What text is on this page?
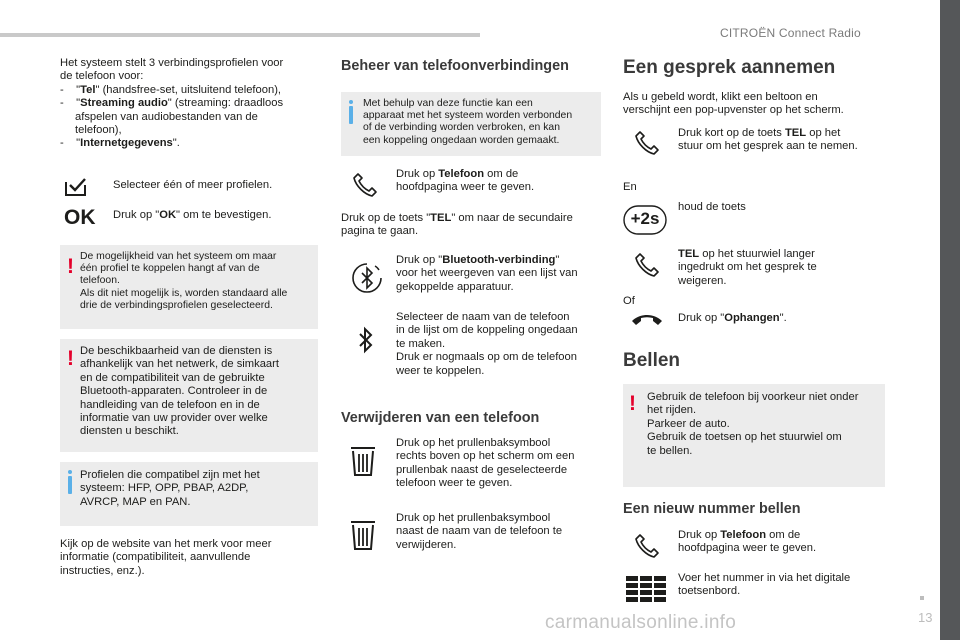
CITROËN Connect Radio
13
carmanualsonline.info
Het systeem stelt 3 verbindingsprofielen voor
de telefoon voor:
-    "Tel" (handsfree-set, uitsluitend telefoon),
-    "Streaming audio" (streaming: draadloos
afspelen van audiobestanden van de
telefoon),
-    "Internetgegevens".
Selecteer één of meer profielen.
OK Druk op "OK" om te bevestigen.
! De mogelijkheid van het systeem om maar
één profiel te koppelen hangt af van de
telefoon.
Als dit niet mogelijk is, worden standaard alle
drie de verbindingsprofielen geselecteerd.
! De beschikbaarheid van de diensten is
afhankelijk van het netwerk, de simkaart
en de compatibiliteit van de gebruikte
Bluetooth-apparaten. Controleer in de
handleiding van de telefoon en in de
informatie van uw provider over welke
diensten u beschikt.
Profielen die compatibel zijn met het
systeem: HFP, OPP, PBAP, A2DP,
AVRCP, MAP en PAN.
Kijk op de website van het merk voor meer
informatie (compatibiliteit, aanvullende
instructies, enz.).
Beheer van telefoonverbindingen
Met behulp van deze functie kan een
apparaat met het systeem worden verbonden
of de verbinding worden verbroken, en kan
een koppeling ongedaan worden gemaakt.
Druk op Telefoon om de
hoofdpagina weer te geven.
Druk op de toets "TEL" om naar de secundaire
pagina te gaan.
Druk op "Bluetooth-verbinding"
voor het weergeven van een lijst van
gekoppelde apparatuur.
Selecteer de naam van de telefoon
in de lijst om de koppeling ongedaan
te maken.
Druk er nogmaals op om de telefoon
weer te koppelen.
Verwijderen van een telefoon
Druk op het prullenbaksymbool
rechts boven op het scherm om een
prullenbak naast de geselecteerde
telefoon weer te geven.
Druk op het prullenbaksymbool
naast de naam van de telefoon te
verwijderen.
Een gesprek aannemen
Als u gebeld wordt, klikt een beltoon en
verschijnt een pop-upvenster op het scherm.
Druk kort op de toets TEL op het
stuur om het gesprek aan te nemen.
En
+2s
houd de toets
TEL op het stuurwiel langer
ingedrukt om het gesprek te
weigeren.
Of
Druk op "Ophangen".
Bellen
! Gebruik de telefoon bij voorkeur niet onder
het rijden.
Parkeer de auto.
Gebruik de toetsen op het stuurwiel om
te bellen.
Een nieuw nummer bellen
Druk op Telefoon om de
hoofdpagina weer te geven.
Voer het nummer in via het digitale
toetsenbord.
